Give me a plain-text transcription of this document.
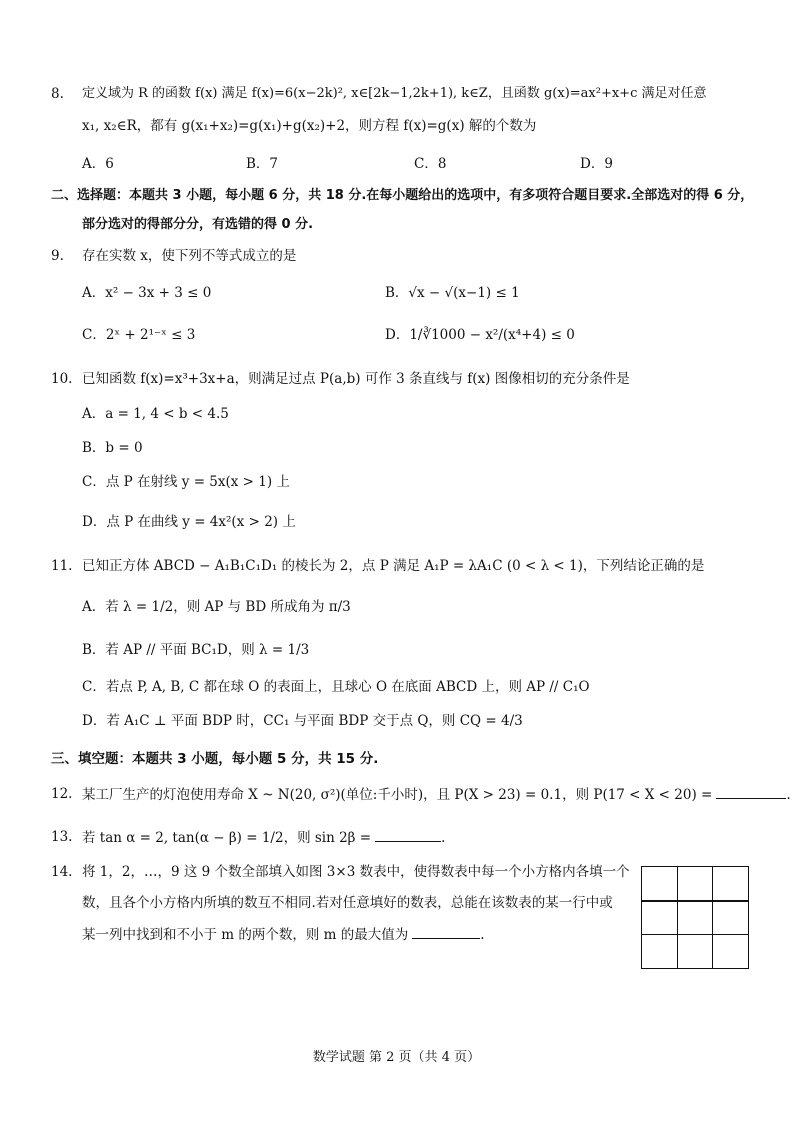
8. 定义域为 R 的函数 f(x) 满足 f(x)=6(x−2k)², x∈[2k−1,2k+1), k∈Z，且函数 g(x)=ax²+x+c 满足对任意
x₁, x₂∈R，都有 g(x₁+x₂)=g(x₁)+g(x₂)+2，则方程 f(x)=g(x) 解的个数为
A．6	B．7	C．8	D．9
二、选择题：本题共 3 小题，每小题 6 分，共 18 分.在每小题给出的选项中，有多项符合题目要求.全部选对的得 6 分，
部分选对的得部分分，有选错的得 0 分.
9. 存在实数 x，使下列不等式成立的是
A．x² − 3x + 3 ≤ 0	B．√x − √(x−1) ≤ 1
C．2ˣ + 2¹⁻ˣ ≤ 3	D．1/∛1000 − x²/(x⁴+4) ≤ 0
10. 已知函数 f(x)=x³+3x+a，则满足过点 P(a,b) 可作 3 条直线与 f(x) 图像相切的充分条件是
A．a = 1, 4 < b < 4.5
B．b = 0
C．点 P 在射线 y = 5x(x > 1) 上
D．点 P 在曲线 y = 4x²(x > 2) 上
11. 已知正方体 ABCD − A₁B₁C₁D₁ 的棱长为 2，点 P 满足 A₁P = λA₁C (0 < λ < 1)，下列结论正确的是
A．若 λ = 1/2，则 AP 与 BD 所成角为 π/3
B．若 AP // 平面 BC₁D，则 λ = 1/3
C．若点 P, A, B, C 都在球 O 的表面上，且球心 O 在底面 ABCD 上，则 AP // C₁O
D．若 A₁C ⊥ 平面 BDP 时，CC₁ 与平面 BDP 交于点 Q，则 CQ = 4/3
三、填空题：本题共 3 小题，每小题 5 分，共 15 分.
12. 某工厂生产的灯泡使用寿命 X ~ N(20, σ²)(单位:千小时)，且 P(X > 23) = 0.1，则 P(17 < X < 20) =	.
13. 若 tan α = 2, tan(α − β) = 1/2，则 sin 2β =	.
14. 将 1，2，…，9 这 9 个数全部填入如图 3×3 数表中，使得数表中每一个小方格内各填一个
数，且各个小方格内所填的数互不相同.若对任意填好的数表，总能在该数表的某一行中或
某一列中找到和不小于 m 的两个数，则 m 的最大值为	.
数学试题 第 2 页（共 4 页）
